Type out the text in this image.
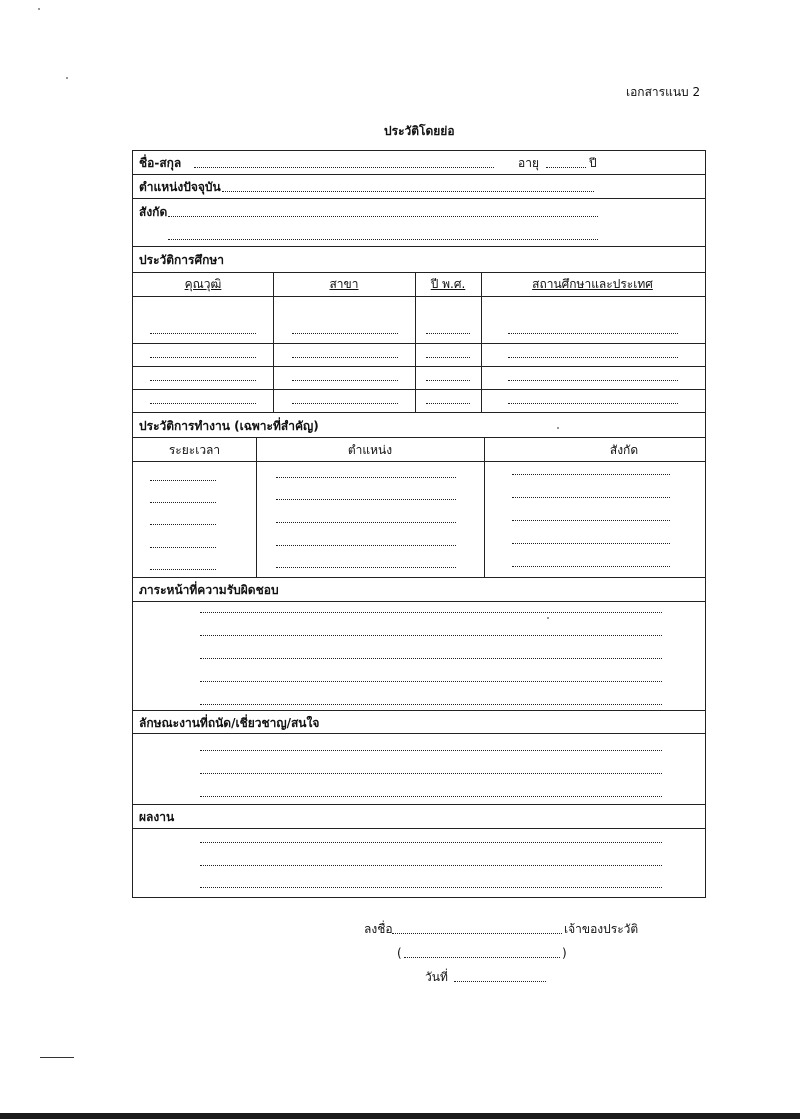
เอกสารแนบ 2
ประวัติโดยย่อ
ชื่อ-สกุล	อายุ	ปี
ตำแหน่งปัจจุบัน
สังกัด
ประวัติการศึกษา
คุณวุฒิ	สาขา	ปี พ.ศ.	สถานศึกษาและประเทศ
ประวัติการทำงาน (เฉพาะที่สำคัญ)
ระยะเวลา	ตำแหน่ง	สังกัด
ภาระหน้าที่ความรับผิดชอบ
ลักษณะงานที่ถนัด/เชี่ยวชาญ/สนใจ
ผลงาน
ลงชื่อ	เจ้าของประวัติ
(	)
วันที่
